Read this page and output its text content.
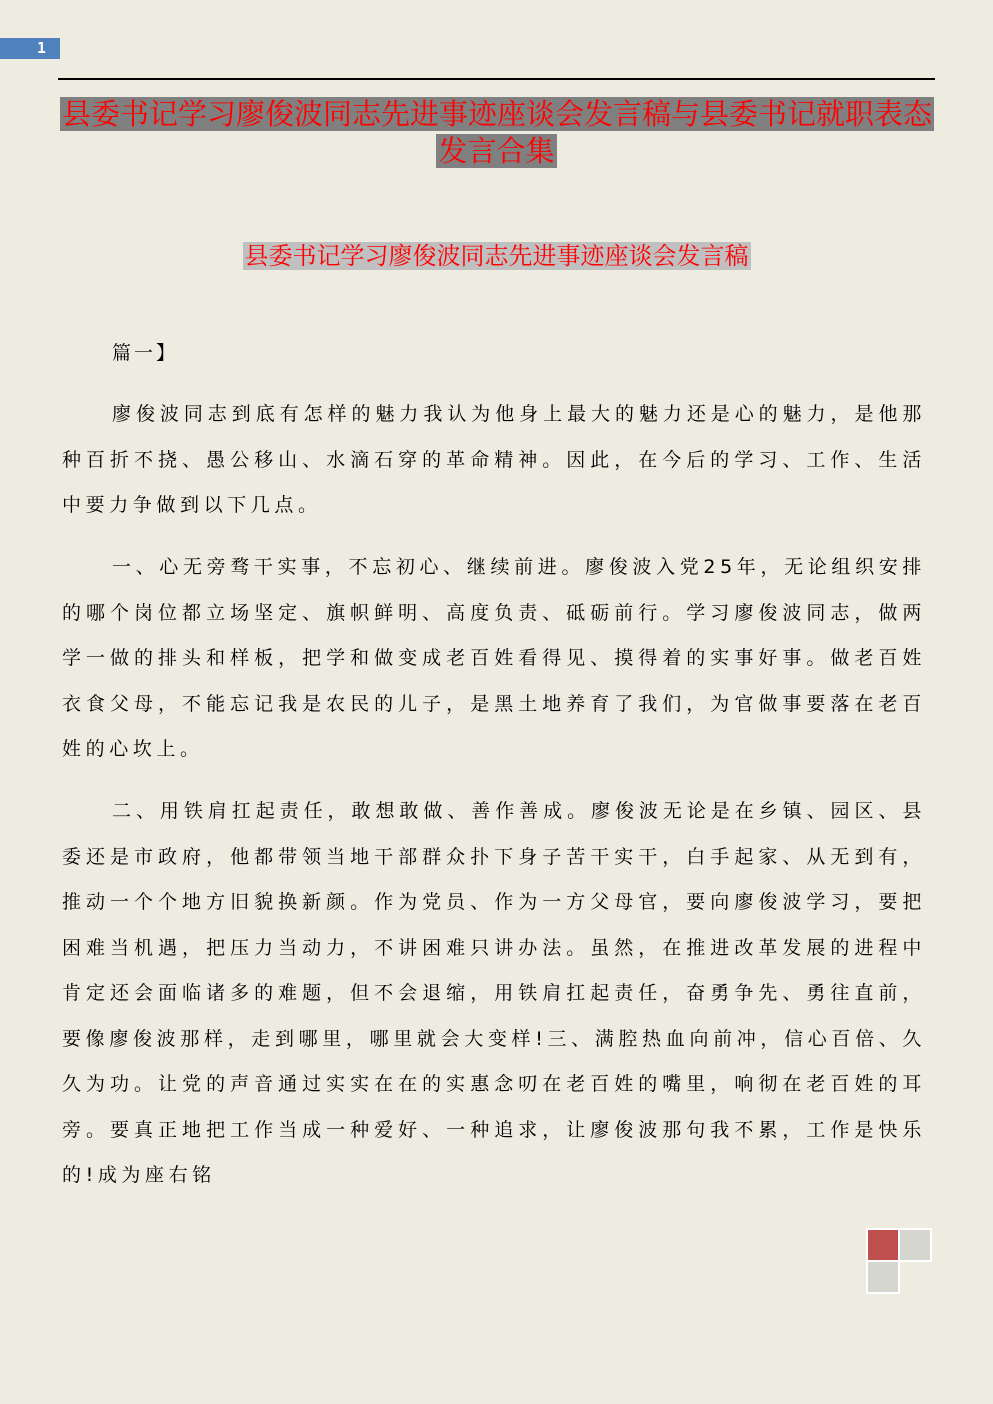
1
县委书记学习廖俊波同志先进事迹座谈会发言稿与县委书记就职表态发言合集
县委书记学习廖俊波同志先进事迹座谈会发言稿
篇一】

廖俊波同志到底有怎样的魅力我认为他身上最大的魅力还是心的魅力，是他那种百折不挠、愚公移山、水滴石穿的革命精神。因此，在今后的学习、工作、生活中要力争做到以下几点。

一、心无旁骛干实事，不忘初心、继续前进。廖俊波入党25年，无论组织安排的哪个岗位都立场坚定、旗帜鲜明、高度负责、砥砺前行。学习廖俊波同志，做两学一做的排头和样板，把学和做变成老百姓看得见、摸得着的实事好事。做老百姓衣食父母，不能忘记我是农民的儿子，是黑土地养育了我们，为官做事要落在老百姓的心坎上。

二、用铁肩扛起责任，敢想敢做、善作善成。廖俊波无论是在乡镇、园区、县委还是市政府，他都带领当地干部群众扑下身子苦干实干，白手起家、从无到有，推动一个个地方旧貌换新颜。作为党员、作为一方父母官，要向廖俊波学习，要把困难当机遇，把压力当动力，不讲困难只讲办法。虽然，在推进改革发展的进程中肯定还会面临诸多的难题，但不会退缩，用铁肩扛起责任，奋勇争先、勇往直前，要像廖俊波那样，走到哪里，哪里就会大变样!三、满腔热血向前冲，信心百倍、久久为功。让党的声音通过实实在在的实惠念叨在老百姓的嘴里，响彻在老百姓的耳旁。要真正地把工作当成一种爱好、一种追求，让廖俊波那句我不累，工作是快乐的!成为座右铭
